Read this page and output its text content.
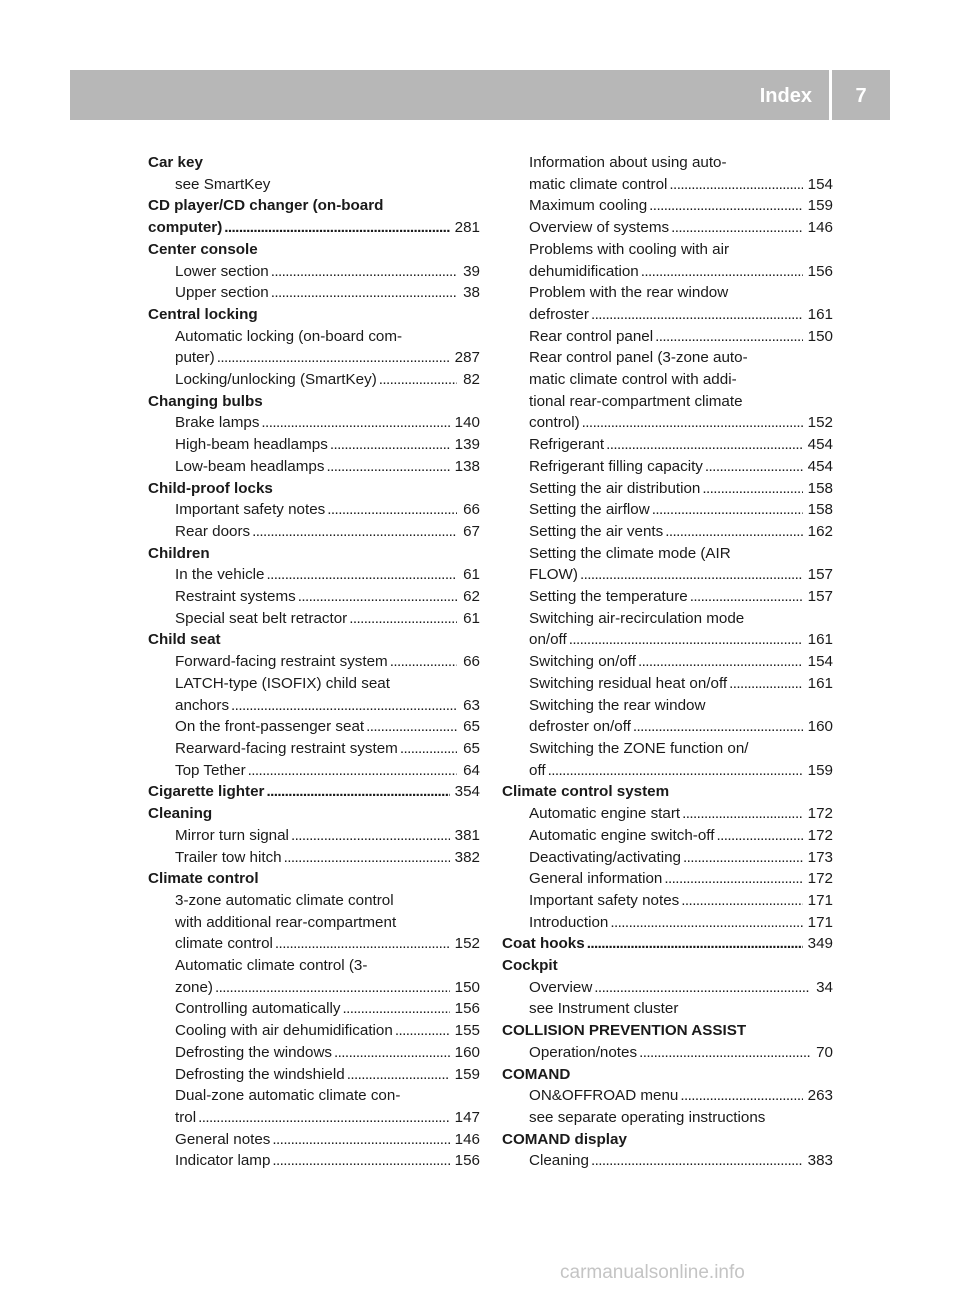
Index	7
Car key
see SmartKey
CD player/CD changer (on-board
computer) . . .	281
Center console
Lower section . . .	39
Upper section . . .	38
Central locking
Automatic locking (on-board com-
puter) . . .	287
Locking/unlocking (SmartKey) . . .	82
Changing bulbs
Brake lamps . . .	140
High-beam headlamps . . .	139
Low-beam headlamps . . .	138
Child-proof locks
Important safety notes . . .	66
Rear doors . . .	67
Children
In the vehicle . . .	61
Restraint systems . . .	62
Special seat belt retractor . . .	61
Child seat
Forward-facing restraint system . . .	66
LATCH-type (ISOFIX) child seat
anchors . . .	63
On the front-passenger seat . . .	65
Rearward-facing restraint system . . .	65
Top Tether . . .	64
Cigarette lighter . . .	354
Cleaning
Mirror turn signal . . .	381
Trailer tow hitch . . .	382
Climate control
3-zone automatic climate control
with additional rear-compartment
climate control . . .	152
Automatic climate control (3-
zone) . . .	150
Controlling automatically . . .	156
Cooling with air dehumidification . . .	155
Defrosting the windows . . .	160
Defrosting the windshield . . .	159
Dual-zone automatic climate con-
trol . . .	147
General notes . . .	146
Indicator lamp . . .	156
Information about using auto-
matic climate control . . .	154
Maximum cooling . . .	159
Overview of systems . . .	146
Problems with cooling with air
dehumidification . . .	156
Problem with the rear window
defroster . . .	161
Rear control panel . . .	150
Rear control panel (3-zone auto-
matic climate control with addi-
tional rear-compartment climate
control) . . .	152
Refrigerant . . .	454
Refrigerant filling capacity . . .	454
Setting the air distribution . . .	158
Setting the airflow . . .	158
Setting the air vents . . .	162
Setting the climate mode (AIR
FLOW) . . .	157
Setting the temperature . . .	157
Switching air-recirculation mode
on/off . . .	161
Switching on/off . . .	154
Switching residual heat on/off . . .	161
Switching the rear window
defroster on/off . . .	160
Switching the ZONE function on/
off . . .	159
Climate control system
Automatic engine start . . .	172
Automatic engine switch-off . . .	172
Deactivating/activating . . .	173
General information . . .	172
Important safety notes . . .	171
Introduction . . .	171
Coat hooks . . .	349
Cockpit
Overview . . .	34
see Instrument cluster
COLLISION PREVENTION ASSIST
Operation/notes . . .	70
COMAND
ON&OFFROAD menu . . .	263
see separate operating instructions
COMAND display
Cleaning . . .	383
carmanualsonline.info
